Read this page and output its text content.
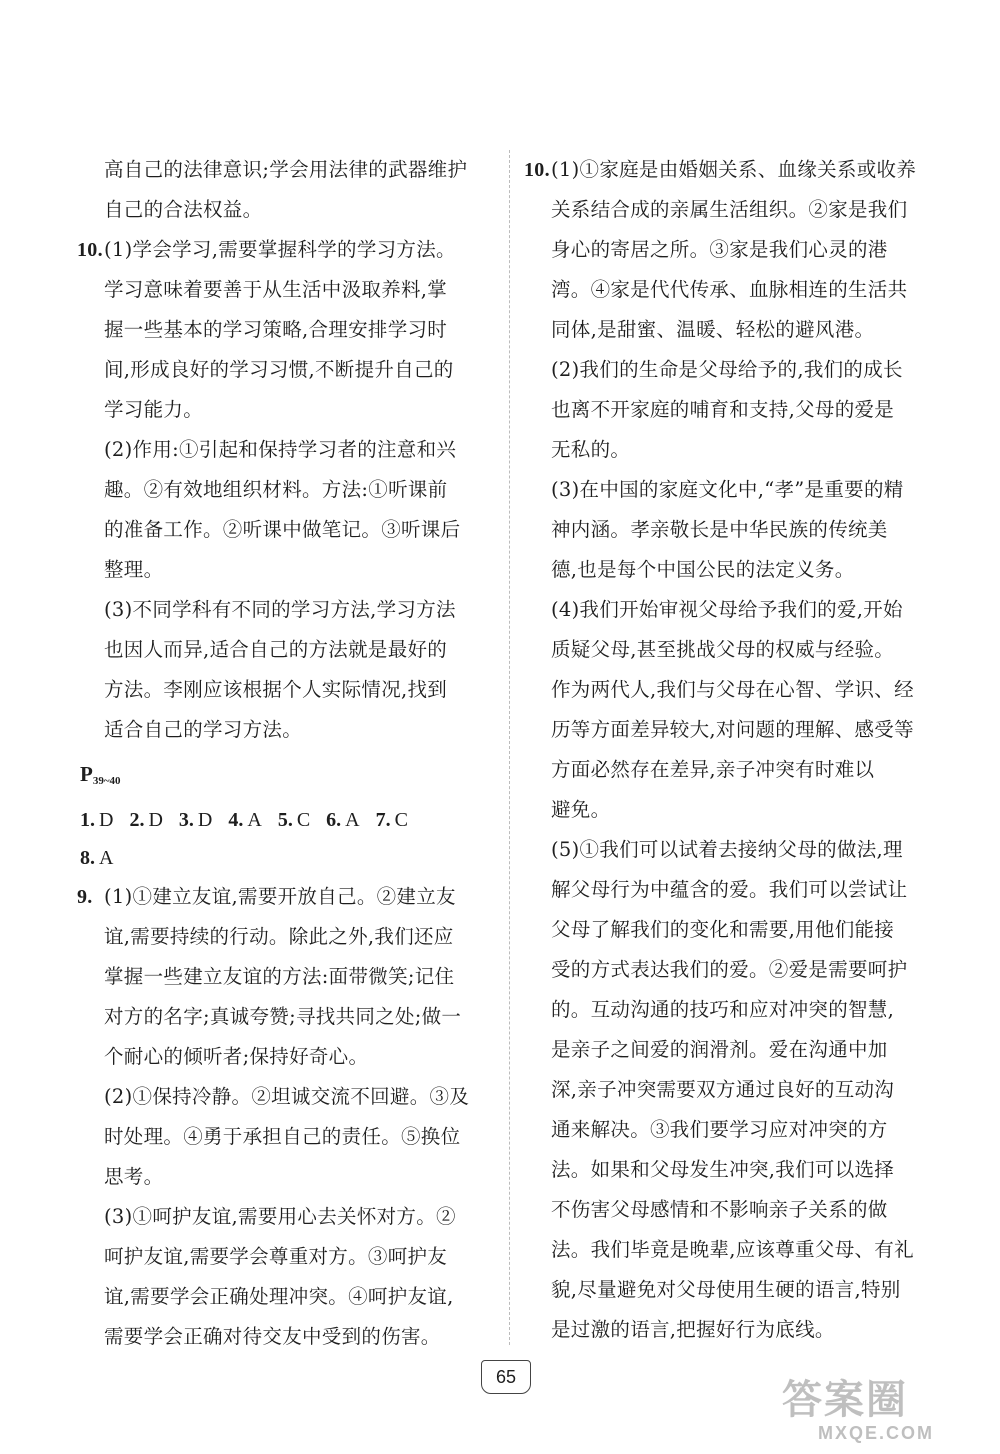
高自己的法律意识;学会用法律的武器维护
自己的合法权益。
10. (1)学会学习,需要掌握科学的学习方法。
学习意味着要善于从生活中汲取养料,掌
握一些基本的学习策略,合理安排学习时
间,形成良好的学习习惯,不断提升自己的
学习能力。
(2)作用:①引起和保持学习者的注意和兴
趣。②有效地组织材料。方法:①听课前
的准备工作。②听课中做笔记。③听课后
整理。
(3)不同学科有不同的学习方法,学习方法
也因人而异,适合自己的方法就是最好的
方法。李刚应该根据个人实际情况,找到
适合自己的学习方法。
$P_{39\sim 40}$
1. D 2. D 3. D 4. A 5. C 6. A 7. C
8. A
9. (1)①建立友谊,需要开放自己。②建立友
谊,需要持续的行动。除此之外,我们还应
掌握一些建立友谊的方法:面带微笑;记住
对方的名字;真诚夸赞;寻找共同之处;做一
个耐心的倾听者;保持好奇心。
(2)①保持冷静。②坦诚交流不回避。③及
时处理。④勇于承担自己的责任。⑤换位
思考。
(3)①呵护友谊,需要用心去关怀对方。②
呵护友谊,需要学会尊重对方。③呵护友
谊,需要学会正确处理冲突。④呵护友谊,
需要学会正确对待交友中受到的伤害。
10. (1)①家庭是由婚姻关系、血缘关系或收养
关系结合成的亲属生活组织。②家是我们
身心的寄居之所。③家是我们心灵的港
湾。④家是代代传承、血脉相连的生活共
同体,是甜蜜、温暖、轻松的避风港。
(2)我们的生命是父母给予的,我们的成长
也离不开家庭的哺育和支持,父母的爱是
无私的。
(3)在中国的家庭文化中,“孝”是重要的精
神内涵。孝亲敬长是中华民族的传统美
德,也是每个中国公民的法定义务。
(4)我们开始审视父母给予我们的爱,开始
质疑父母,甚至挑战父母的权威与经验。
作为两代人,我们与父母在心智、学识、经
历等方面差异较大,对问题的理解、感受等
方面必然存在差异,亲子冲突有时难以
避免。
(5)①我们可以试着去接纳父母的做法,理
解父母行为中蕴含的爱。我们可以尝试让
父母了解我们的变化和需要,用他们能接
受的方式表达我们的爱。②爱是需要呵护
的。互动沟通的技巧和应对冲突的智慧,
是亲子之间爱的润滑剂。爱在沟通中加
深,亲子冲突需要双方通过良好的互动沟
通来解决。③我们要学习应对冲突的方
法。如果和父母发生冲突,我们可以选择
不伤害父母感情和不影响亲子关系的做
法。我们毕竟是晚辈,应该尊重父母、有礼
貌,尽量避免对父母使用生硬的语言,特别
是过激的语言,把握好行为底线。
65	答案圈
MXQE.COM
